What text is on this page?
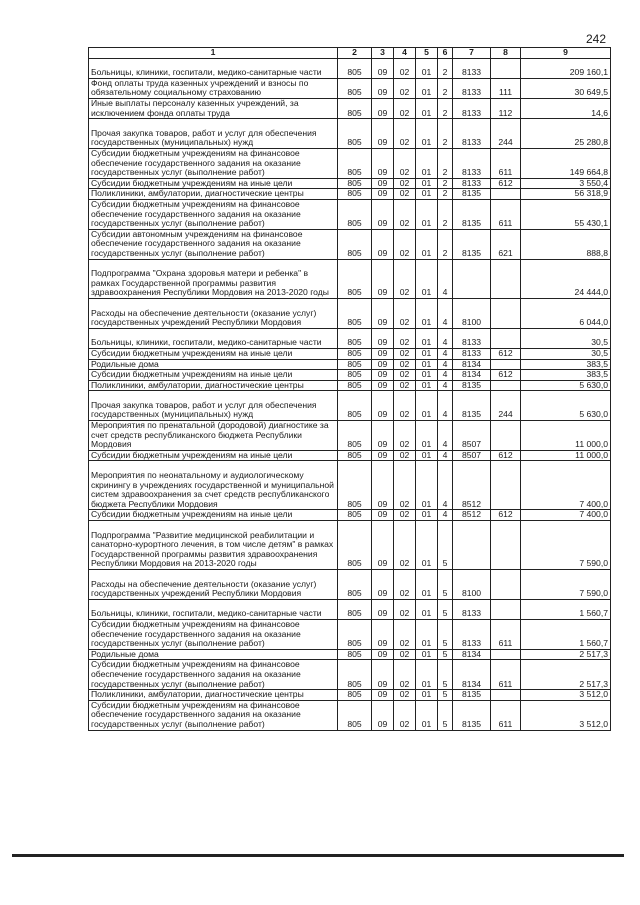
242
1	2	3	4	5	6	7	8	9
Больницы, клиники, госпитали, медико-санитарные части	805	09	02	01	2	8133		209 160,1
Фонд оплаты труда казенных учреждений и взносы по обязательному социальному страхованию	805	09	02	01	2	8133	111	30 649,5
Иные выплаты персоналу казенных учреждений, за исключением фонда оплаты труда	805	09	02	01	2	8133	112	14,6
Прочая закупка товаров, работ и услуг для обеспечения государственных (муниципальных) нужд	805	09	02	01	2	8133	244	25 280,8
Субсидии бюджетным учреждениям на финансовое обеспечение государственного задания на оказание государственных услуг (выполнение работ)	805	09	02	01	2	8133	611	149 664,8
Субсидии бюджетным учреждениям на иные цели	805	09	02	01	2	8133	612	3 550,4
Поликлиники, амбулатории, диагностические центры	805	09	02	01	2	8135		56 318,9
Субсидии бюджетным учреждениям на финансовое обеспечение государственного задания на оказание государственных услуг (выполнение работ)	805	09	02	01	2	8135	611	55 430,1
Субсидии автономным учреждениям на финансовое обеспечение государственного задания на оказание государственных услуг (выполнение работ)	805	09	02	01	2	8135	621	888,8
Подпрограмма "Охрана здоровья матери и ребенка" в рамках Государственной программы развития здравоохранения Республики Мордовия на 2013-2020 годы	805	09	02	01	4			24 444,0
Расходы на обеспечение деятельности (оказание услуг) государственных учреждений Республики Мордовия	805	09	02	01	4	8100		6 044,0
Больницы, клиники, госпитали, медико-санитарные части	805	09	02	01	4	8133		30,5
Субсидии бюджетным учреждениям на иные цели	805	09	02	01	4	8133	612	30,5
Родильные дома	805	09	02	01	4	8134		383,5
Субсидии бюджетным учреждениям на иные цели	805	09	02	01	4	8134	612	383,5
Поликлиники, амбулатории, диагностические центры	805	09	02	01	4	8135		5 630,0
Прочая закупка товаров, работ и услуг для обеспечения государственных (муниципальных) нужд	805	09	02	01	4	8135	244	5 630,0
Мероприятия по пренатальной (дородовой) диагностике за счет средств республиканского бюджета Республики Мордовия	805	09	02	01	4	8507		11 000,0
Субсидии бюджетным учреждениям на иные цели	805	09	02	01	4	8507	612	11 000,0
Мероприятия по неонатальному и аудиологическому скринингу в учреждениях государственной и муниципальной систем здравоохранения за счет средств республиканского бюджета Республики Мордовия	805	09	02	01	4	8512		7 400,0
Субсидии бюджетным учреждениям на иные цели	805	09	02	01	4	8512	612	7 400,0
Подпрограмма "Развитие медицинской реабилитации и санаторно-курортного лечения, в том числе детям" в рамках Государственной программы развития здравоохранения Республики Мордовия на 2013-2020 годы	805	09	02	01	5			7 590,0
Расходы на обеспечение деятельности (оказание услуг) государственных учреждений Республики Мордовия	805	09	02	01	5	8100		7 590,0
Больницы, клиники, госпитали, медико-санитарные части	805	09	02	01	5	8133		1 560,7
Субсидии бюджетным учреждениям на финансовое обеспечение государственного задания на оказание государственных услуг (выполнение работ)	805	09	02	01	5	8133	611	1 560,7
Родильные дома	805	09	02	01	5	8134		2 517,3
Субсидии бюджетным учреждениям на финансовое обеспечение государственного задания на оказание государственных услуг (выполнение работ)	805	09	02	01	5	8134	611	2 517,3
Поликлиники, амбулатории, диагностические центры	805	09	02	01	5	8135		3 512,0
Субсидии бюджетным учреждениям на финансовое обеспечение государственного задания на оказание государственных услуг (выполнение работ)	805	09	02	01	5	8135	611	3 512,0
